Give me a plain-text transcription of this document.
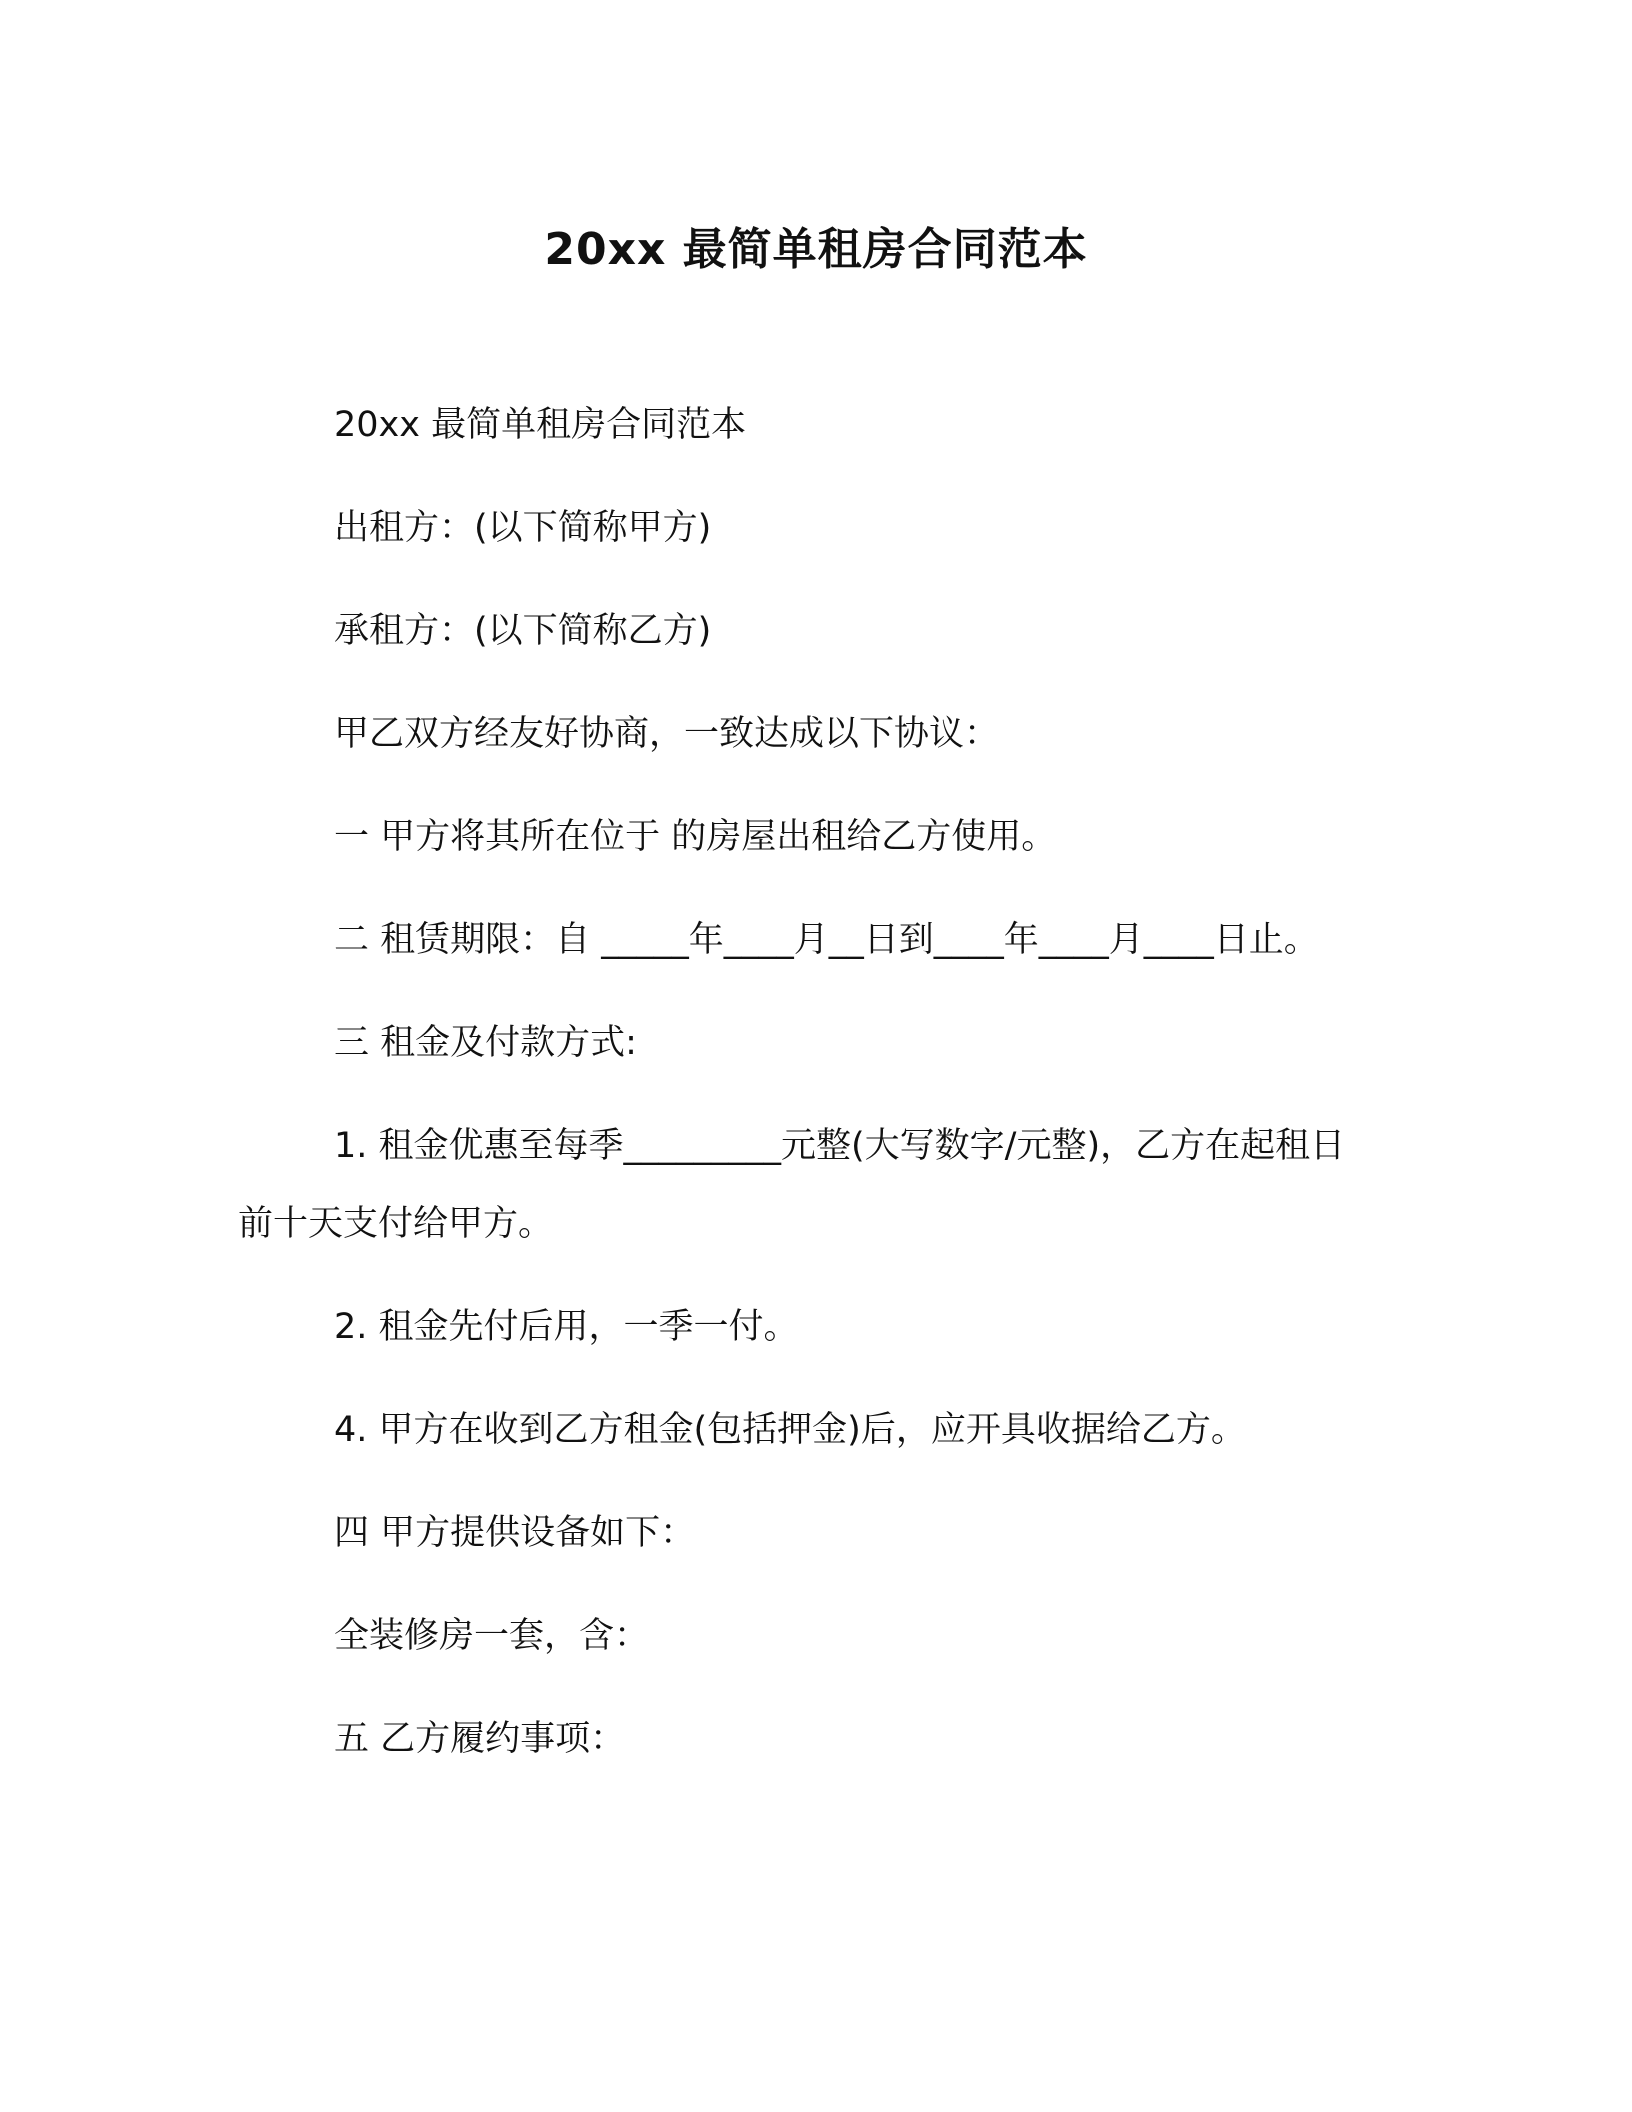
20xx 最简单租房合同范本

20xx 最简单租房合同范本

出租方：(以下简称甲方)

承租方：(以下简称乙方)

甲乙双方经友好协商，一致达成以下协议：

一 甲方将其所在位于 的房屋出租给乙方使用。

二 租赁期限：自 _____年____月__日到____年____月____日止。

三 租金及付款方式:

1. 租金优惠至每季_________元整(大写数字/元整)，乙方在起租日前十天支付给甲方。

2. 租金先付后用，一季一付。

4. 甲方在收到乙方租金(包括押金)后，应开具收据给乙方。

四 甲方提供设备如下：

全装修房一套，含：

五 乙方履约事项：
